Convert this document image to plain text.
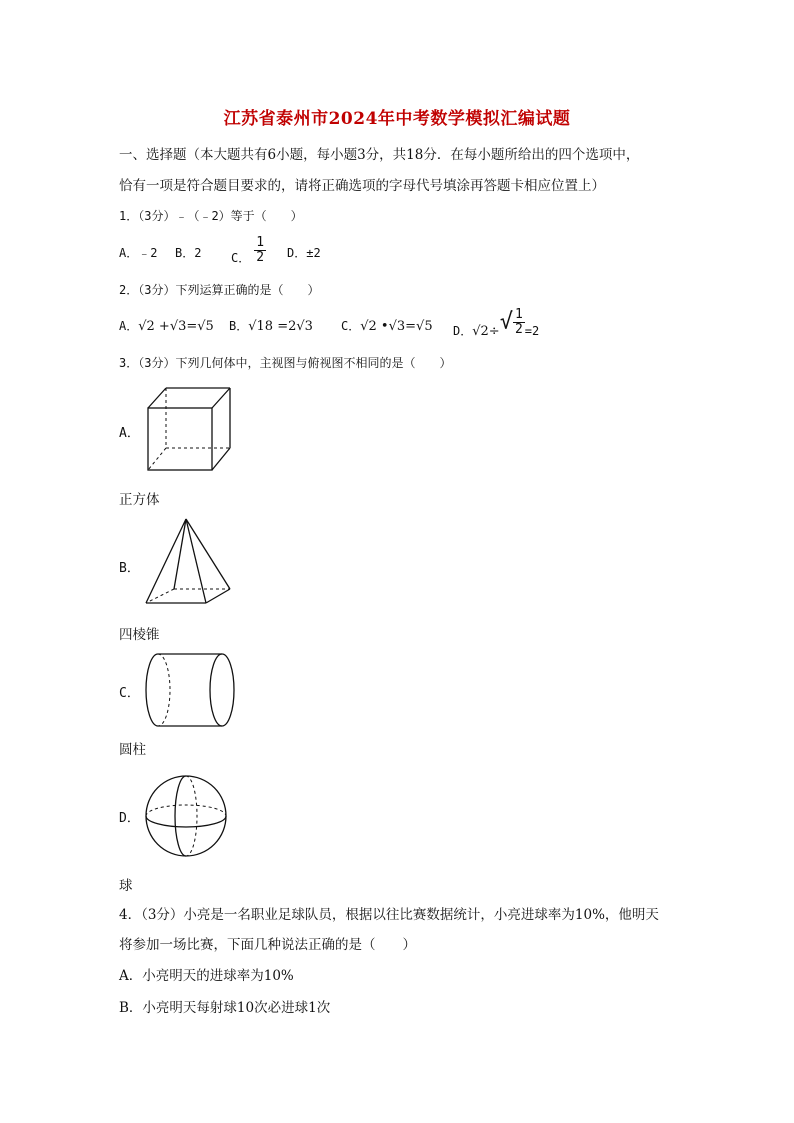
江苏省泰州市2024年中考数学模拟汇编试题
一、选择题（本大题共有6小题，每小题3分，共18分．在每小题所给出的四个选项中，
恰有一项是符合题目要求的，请将正确选项的字母代号填涂再答题卡相应位置上）
1．（3分）﹣（﹣2）等于（　　）
A．﹣2 B．2 C． $\frac{1}{2}$ D．±2
2．（3分）下列运算正确的是（　　）
A．√2 +√3=√5 B．√18 =2√3 C．√2 •√3=√5 D．$√2\div√ \frac{1}{2} =2$
3．（3分）下列几何体中，主视图与俯视图不相同的是（　　）
A．
正方体
B．
四棱锥
C．
圆柱
D．
球
4．（3分）小亮是一名职业足球队员，根据以往比赛数据统计，小亮进球率为10%，他明天
将参加一场比赛，下面几种说法正确的是（　　）
A．小亮明天的进球率为10%
B．小亮明天每射球10次必进球1次
